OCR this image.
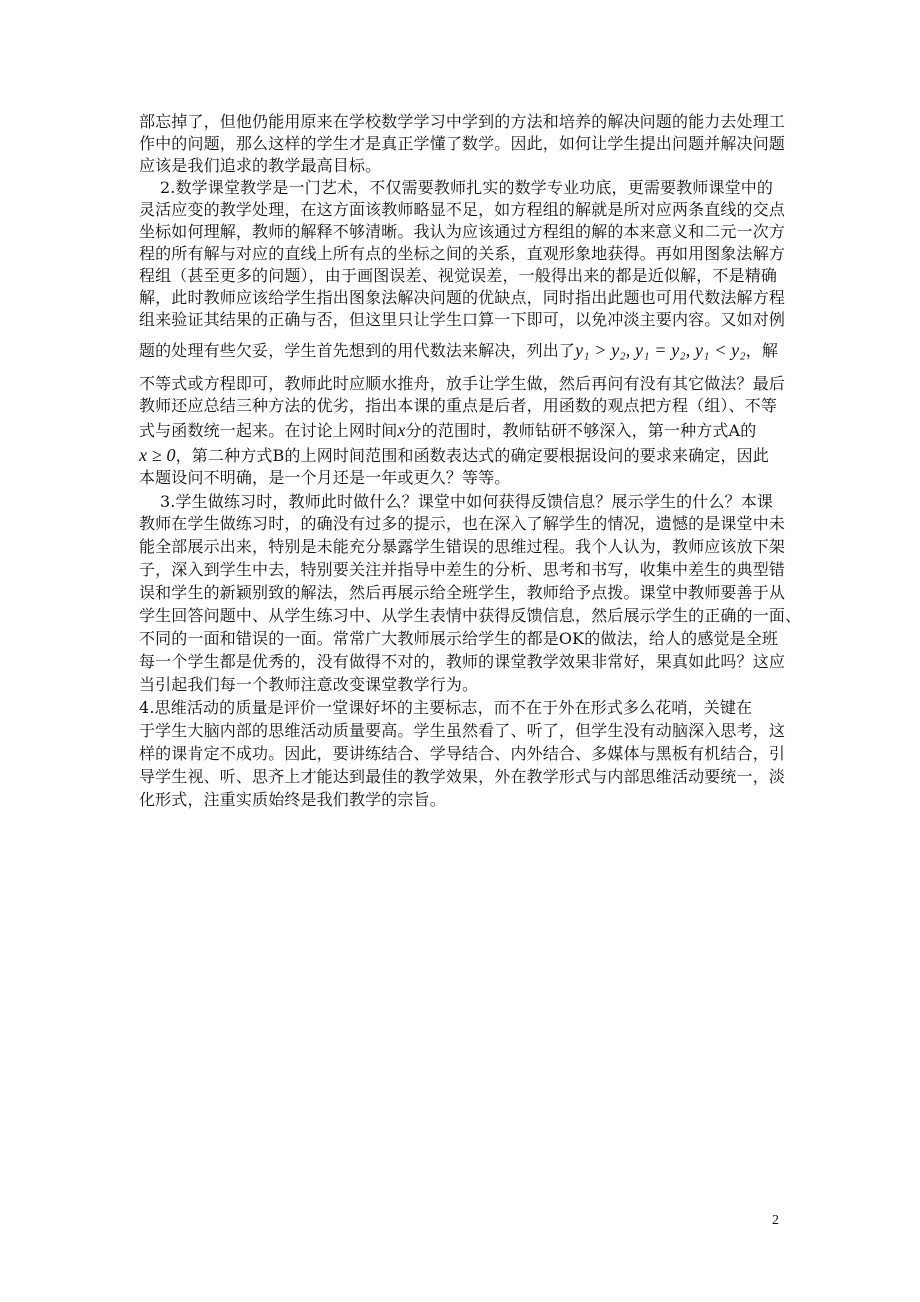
部忘掉了，但他仍能用原来在学校数学学习中学到的方法和培养的解决问题的能力去处理工
作中的问题，那么这样的学生才是真正学懂了数学。因此，如何让学生提出问题并解决问题
应该是我们追求的教学最高目标。
2.数学课堂教学是一门艺术，不仅需要教师扎实的数学专业功底，更需要教师课堂中的
灵活应变的教学处理，在这方面该教师略显不足，如方程组的解就是所对应两条直线的交点
坐标如何理解，教师的解释不够清晰。我认为应该通过方程组的解的本来意义和二元一次方
程的所有解与对应的直线上所有点的坐标之间的关系，直观形象地获得。再如用图象法解方
程组（甚至更多的问题），由于画图误差、视觉误差，一般得出来的都是近似解，不是精确
解，此时教师应该给学生指出图象法解决问题的优缺点，同时指出此题也可用代数法解方程
组来验证其结果的正确与否，但这里只让学生口算一下即可，以免冲淡主要内容。又如对例
题的处理有些欠妥，学生首先想到的用代数法来解决，列出了y₁ > y₂, y₁ = y₂, y₁ < y₂，解
不等式或方程即可，教师此时应顺水推舟，放手让学生做，然后再问有没有其它做法？最后
教师还应总结三种方法的优劣，指出本课的重点是后者，用函数的观点把方程（组）、不等
式与函数统一起来。在讨论上网时间x分的范围时，教师钻研不够深入，第一种方式A的
x ≥ 0，第二种方式B的上网时间范围和函数表达式的确定要根据设问的要求来确定，因此
本题设问不明确，是一个月还是一年或更久？等等。
3.学生做练习时，教师此时做什么？课堂中如何获得反馈信息？展示学生的什么？本课
教师在学生做练习时，的确没有过多的提示，也在深入了解学生的情况，遗憾的是课堂中未
能全部展示出来，特别是未能充分暴露学生错误的思维过程。我个人认为，教师应该放下架
子，深入到学生中去，特别要关注并指导中差生的分析、思考和书写，收集中差生的典型错
误和学生的新颖别致的解法，然后再展示给全班学生，教师给予点拨。课堂中教师要善于从
学生回答问题中、从学生练习中、从学生表情中获得反馈信息，然后展示学生的正确的一面、
不同的一面和错误的一面。常常广大教师展示给学生的都是OK的做法，给人的感觉是全班
每一个学生都是优秀的，没有做得不对的，教师的课堂教学效果非常好，果真如此吗？这应
当引起我们每一个教师注意改变课堂教学行为。
4.思维活动的质量是评价一堂课好坏的主要标志，而不在于外在形式多么花哨，关键在
于学生大脑内部的思维活动质量要高。学生虽然看了、听了，但学生没有动脑深入思考，这
样的课肯定不成功。因此，要讲练结合、学导结合、内外结合、多媒体与黑板有机结合，引
导学生视、听、思齐上才能达到最佳的教学效果，外在教学形式与内部思维活动要统一，淡
化形式，注重实质始终是我们教学的宗旨。
2
